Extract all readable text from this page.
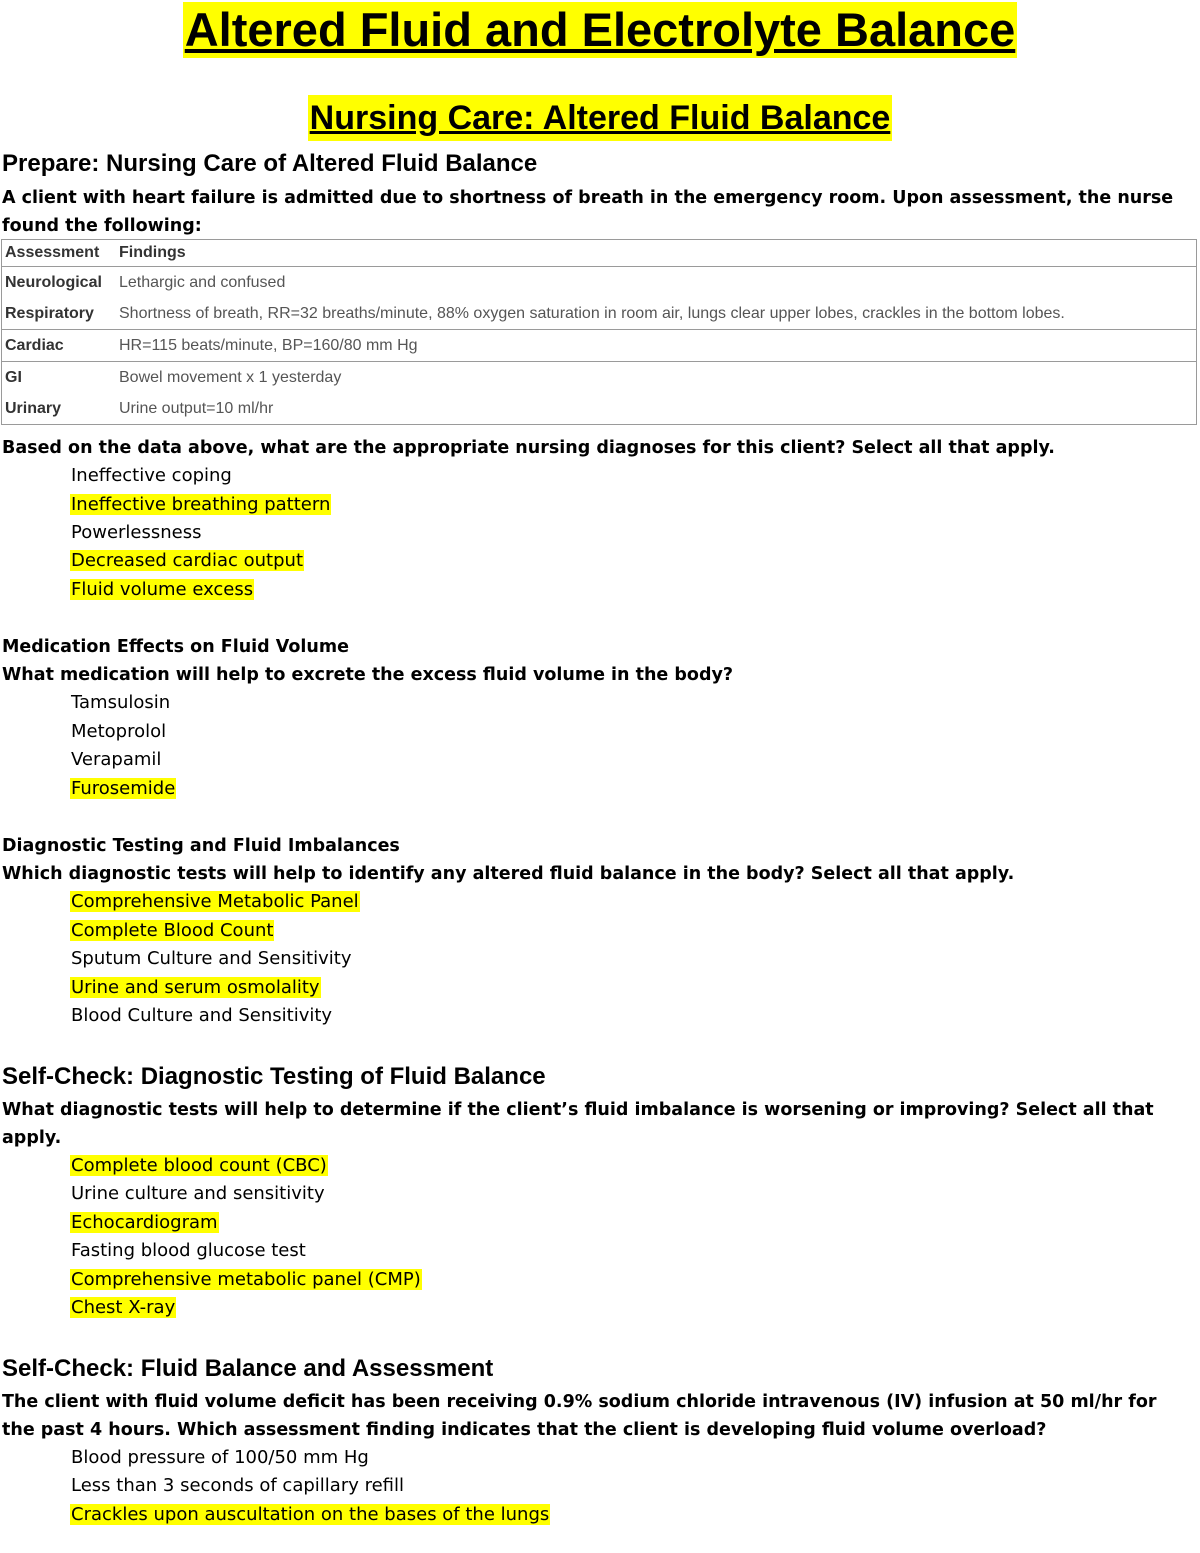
Altered Fluid and Electrolyte Balance
Nursing Care: Altered Fluid Balance
Prepare: Nursing Care of Altered Fluid Balance
A client with heart failure is admitted due to shortness of breath in the emergency room. Upon assessment, the nurse found the following:
Assessment	Findings
Neurological	Lethargic and confused
Respiratory	Shortness of breath, RR=32 breaths/minute, 88% oxygen saturation in room air, lungs clear upper lobes, crackles in the bottom lobes.
Cardiac	HR=115 beats/minute, BP=160/80 mm Hg
GI	Bowel movement x 1 yesterday
Urinary	Urine output=10 ml/hr
Based on the data above, what are the appropriate nursing diagnoses for this client? Select all that apply.
Ineffective coping
Ineffective breathing pattern
Powerlessness
Decreased cardiac output
Fluid volume excess
Medication Effects on Fluid Volume
What medication will help to excrete the excess fluid volume in the body?
Tamsulosin
Metoprolol
Verapamil
Furosemide
Diagnostic Testing and Fluid Imbalances
Which diagnostic tests will help to identify any altered fluid balance in the body? Select all that apply.
Comprehensive Metabolic Panel
Complete Blood Count
Sputum Culture and Sensitivity
Urine and serum osmolality
Blood Culture and Sensitivity
Self-Check: Diagnostic Testing of Fluid Balance
What diagnostic tests will help to determine if the client’s fluid imbalance is worsening or improving? Select all that apply.
Complete blood count (CBC)
Urine culture and sensitivity
Echocardiogram
Fasting blood glucose test
Comprehensive metabolic panel (CMP)
Chest X-ray
Self-Check: Fluid Balance and Assessment
The client with fluid volume deficit has been receiving 0.9% sodium chloride intravenous (IV) infusion at 50 ml/hr for the past 4 hours. Which assessment finding indicates that the client is developing fluid volume overload?
Blood pressure of 100/50 mm Hg
Less than 3 seconds of capillary refill
Crackles upon auscultation on the bases of the lungs
